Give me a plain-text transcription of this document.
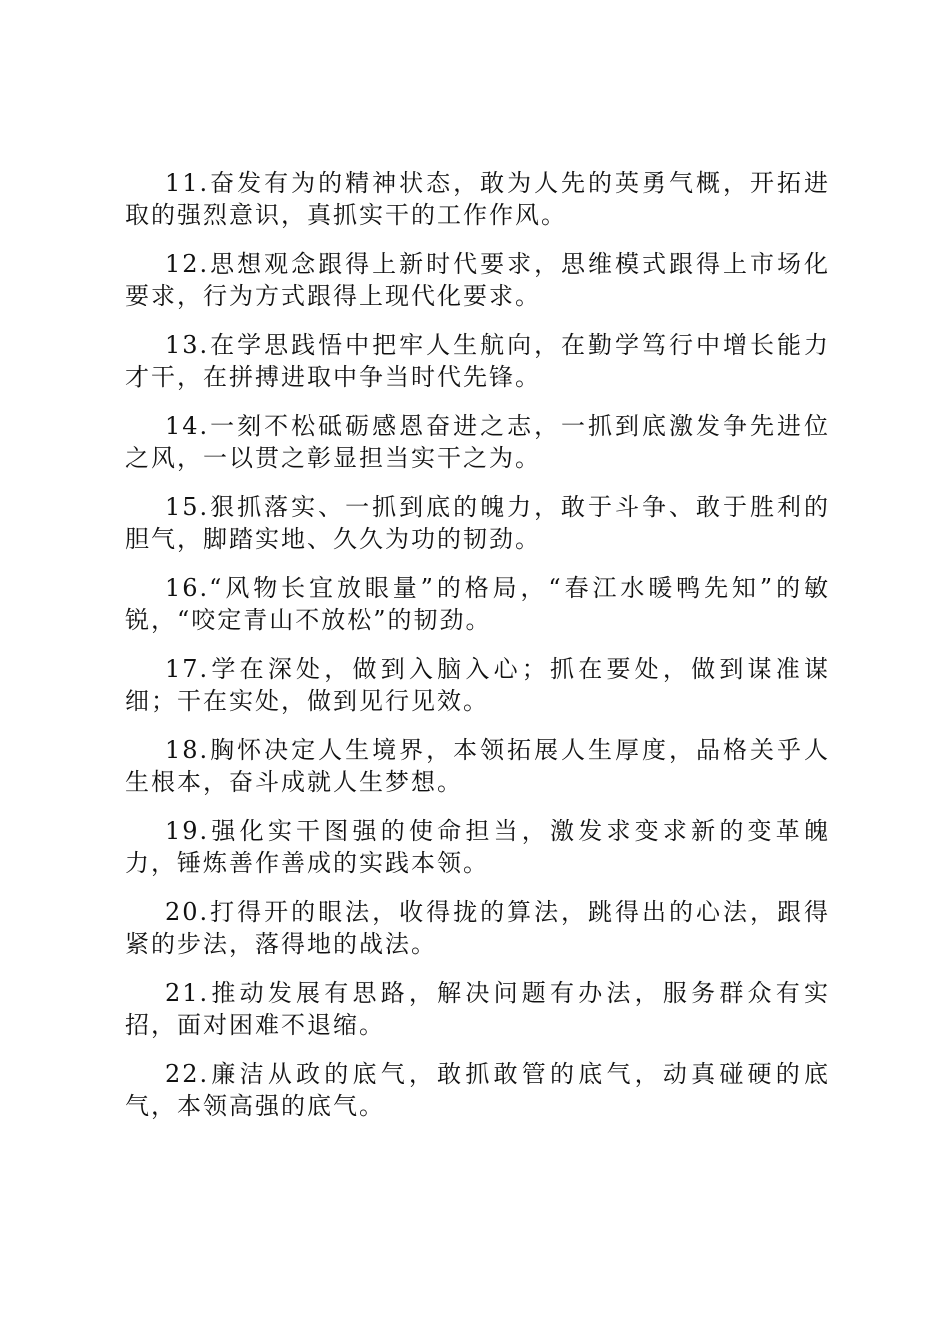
11.奋发有为的精神状态，敢为人先的英勇气概，开拓进取的强烈意识，真抓实干的工作作风。

12.思想观念跟得上新时代要求，思维模式跟得上市场化要求，行为方式跟得上现代化要求。

13.在学思践悟中把牢人生航向，在勤学笃行中增长能力才干，在拼搏进取中争当时代先锋。

14.一刻不松砥砺感恩奋进之志，一抓到底激发争先进位之风，一以贯之彰显担当实干之为。

15.狠抓落实、一抓到底的魄力，敢于斗争、敢于胜利的胆气，脚踏实地、久久为功的韧劲。

16.“风物长宜放眼量”的格局，“春江水暖鸭先知”的敏锐，“咬定青山不放松”的韧劲。

17.学在深处，做到入脑入心；抓在要处，做到谋准谋细；干在实处，做到见行见效。

18.胸怀决定人生境界，本领拓展人生厚度，品格关乎人生根本，奋斗成就人生梦想。

19.强化实干图强的使命担当，激发求变求新的变革魄力，锤炼善作善成的实践本领。

20.打得开的眼法，收得拢的算法，跳得出的心法，跟得紧的步法，落得地的战法。

21.推动发展有思路，解决问题有办法，服务群众有实招，面对困难不退缩。

22.廉洁从政的底气，敢抓敢管的底气，动真碰硬的底气，本领高强的底气。
